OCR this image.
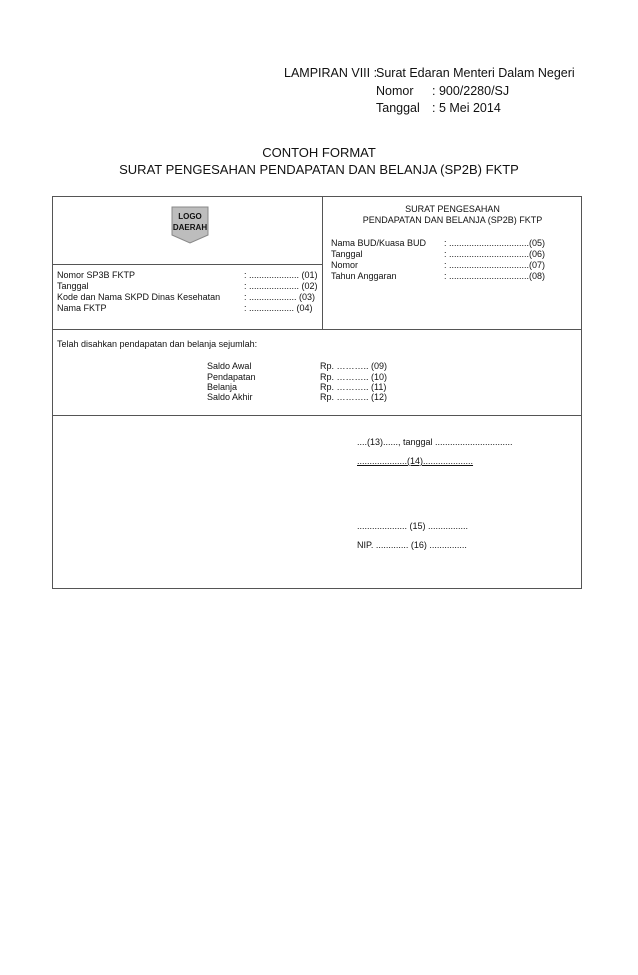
LAMPIRAN VIII :
Surat Edaran Menteri Dalam Negeri
Nomor : 900/2280/SJ
Tanggal : 5 Mei 2014
CONTOH FORMAT
SURAT PENGESAHAN PENDAPATAN DAN BELANJA (SP2B) FKTP
LOGO
DAERAH
Nomor SP3B FKTP	: .................... (01)
Tanggal	: .................... (02)
Kode dan Nama SKPD Dinas Kesehatan	: ................... (03)
Nama FKTP	: .................. (04)
SURAT PENGESAHAN
PENDAPATAN DAN BELANJA (SP2B) FKTP
Nama BUD/Kuasa BUD : ................................(05)
Tanggal	: ................................(06)
Nomor	: ................................(07)
Tahun Anggaran	: ................................(08)
Telah disahkan pendapatan dan belanja sejumlah:
Saldo Awal	Rp. ……….. (09)
Pendapatan	Rp. ……….. (10)
Belanja	Rp. ……….. (11)
Saldo Akhir	Rp. ……….. (12)
....(13)......, tanggal ...............................
....................(14)....................
.................... (15) ................
NIP. ............. (16) ...............
